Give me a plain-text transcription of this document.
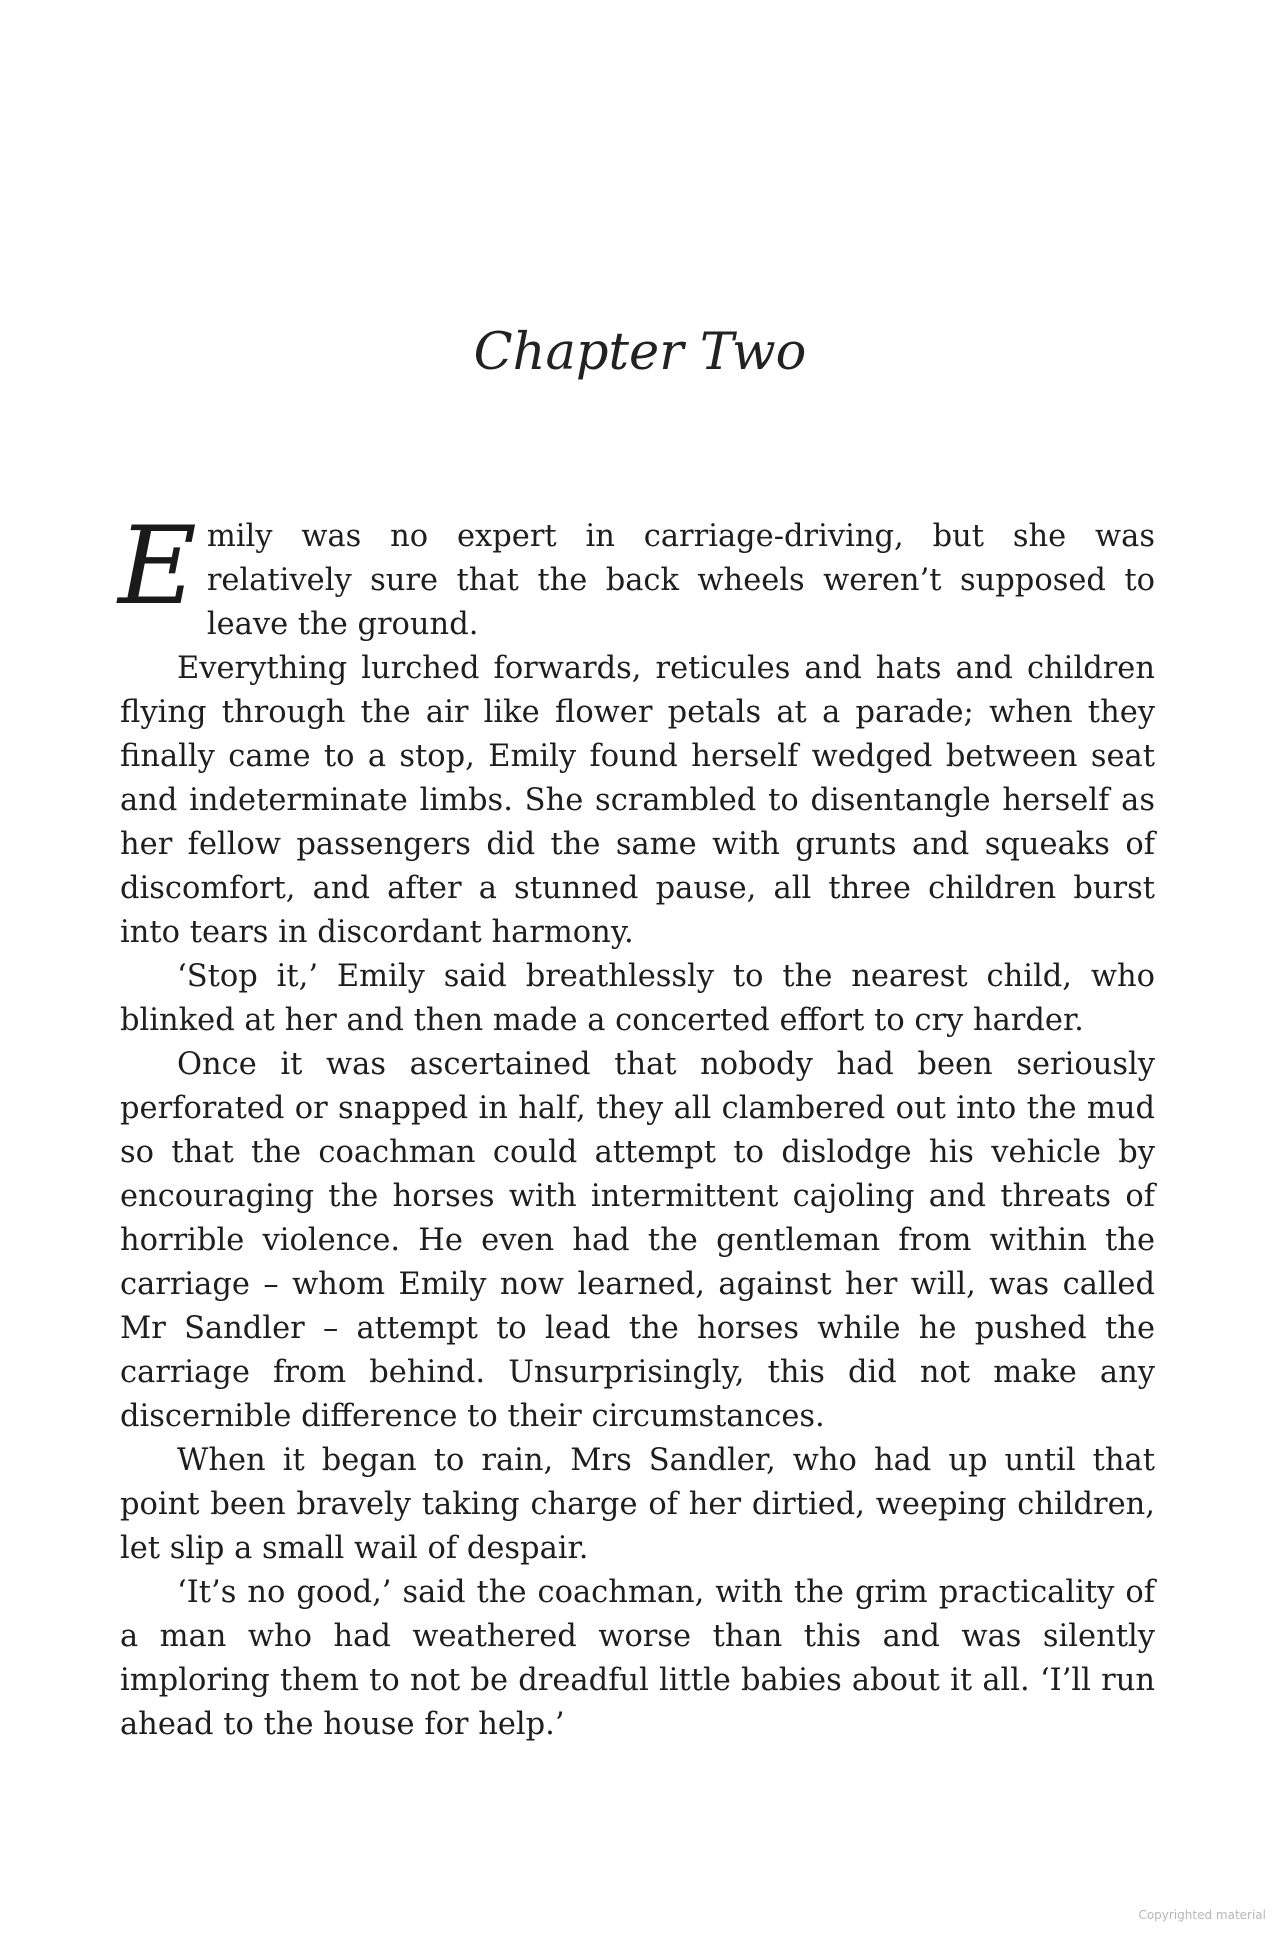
Chapter Two

Emily was no expert in carriage-driving, but she was relatively sure that the back wheels weren’t supposed to leave the ground.

Everything lurched forwards, reticules and hats and children flying through the air like flower petals at a parade; when they finally came to a stop, Emily found herself wedged between seat and indeterminate limbs. She scrambled to disentangle herself as her fellow passengers did the same with grunts and squeaks of discomfort, and after a stunned pause, all three children burst into tears in discordant harmony.

‘Stop it,’ Emily said breathlessly to the nearest child, who blinked at her and then made a concerted effort to cry harder.

Once it was ascertained that nobody had been seriously perforated or snapped in half, they all clambered out into the mud so that the coachman could attempt to dislodge his vehicle by encouraging the horses with intermittent cajoling and threats of horrible violence. He even had the gentleman from within the carriage – whom Emily now learned, against her will, was called Mr Sandler – attempt to lead the horses while he pushed the carriage from behind. Unsurprisingly, this did not make any discernible difference to their circumstances.

When it began to rain, Mrs Sandler, who had up until that point been bravely taking charge of her dirtied, weeping children, let slip a small wail of despair.

‘It’s no good,’ said the coachman, with the grim practicality of a man who had weathered worse than this and was silently imploring them to not be dreadful little babies about it all. ‘I’ll run ahead to the house for help.’

Copyrighted material
